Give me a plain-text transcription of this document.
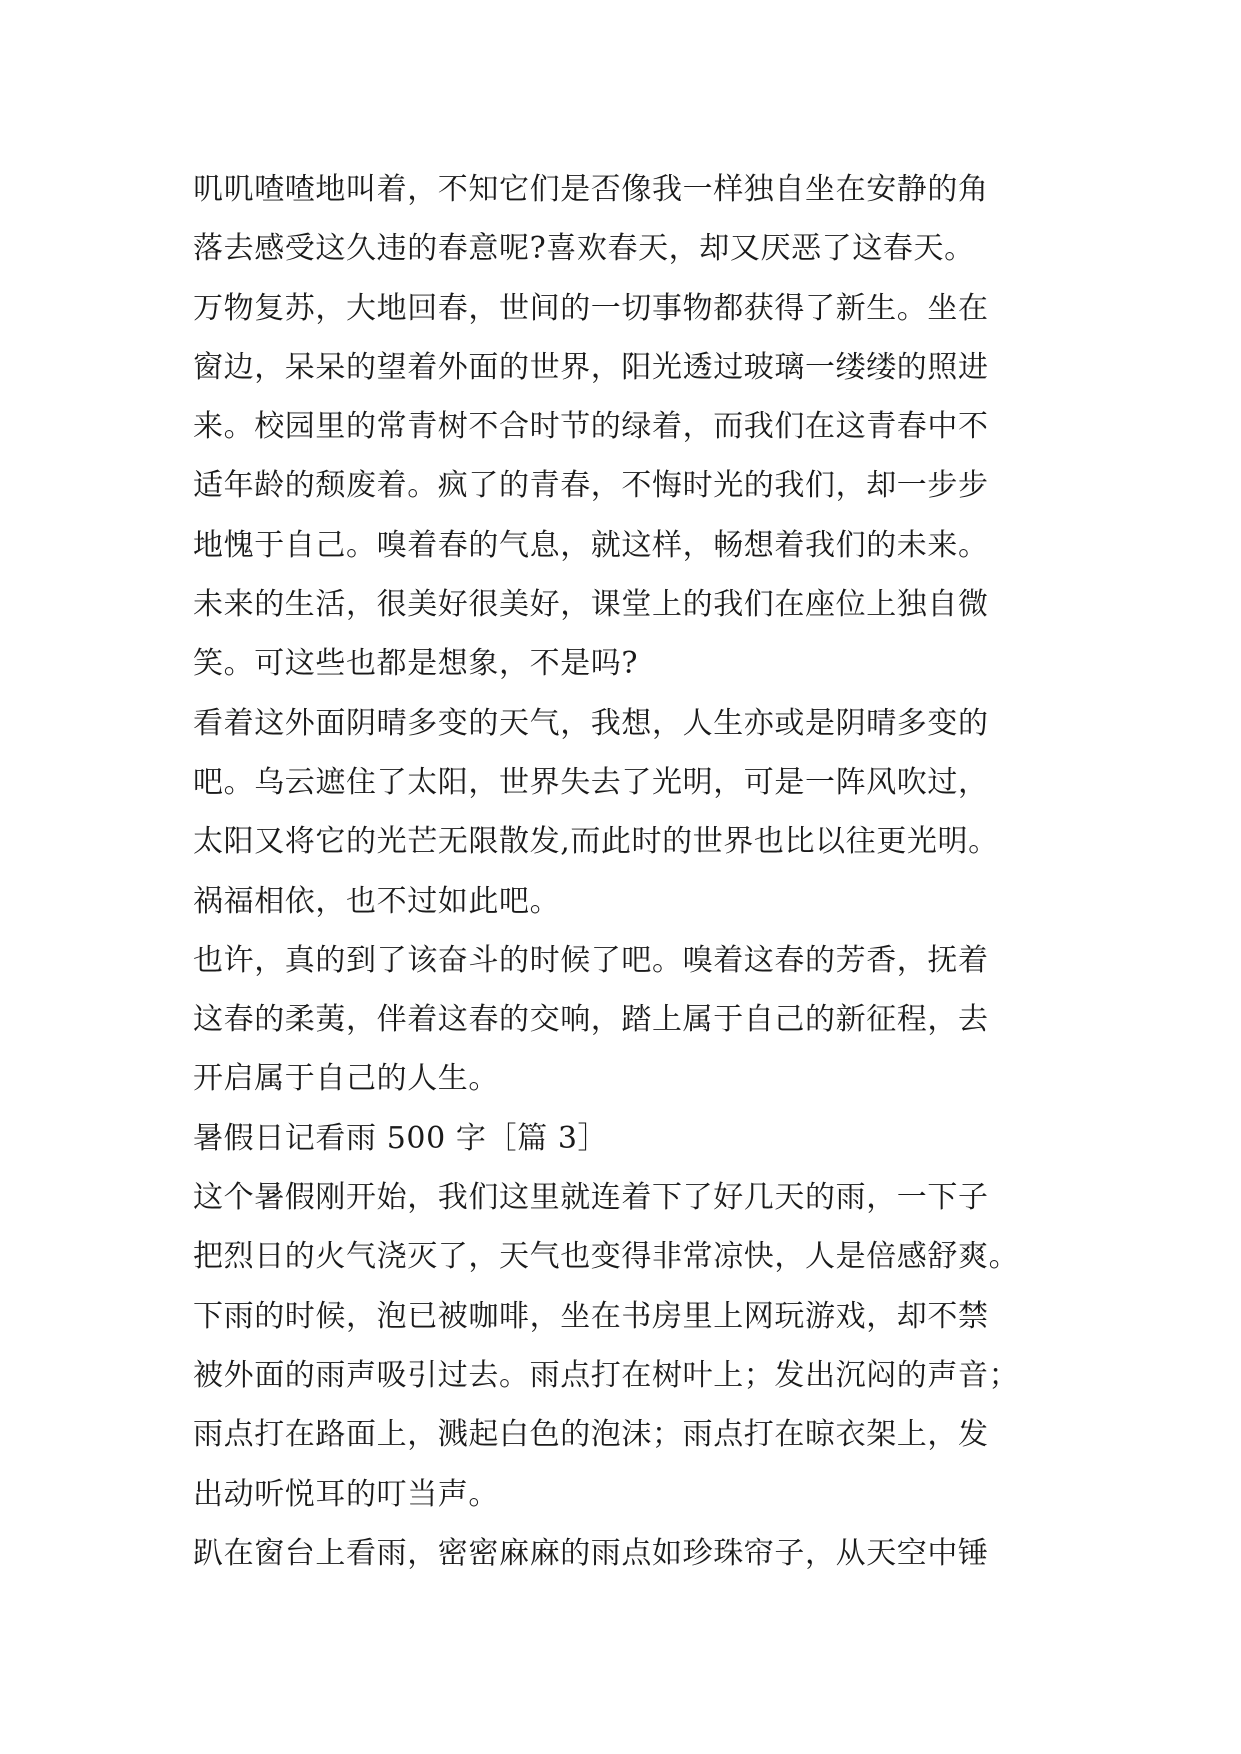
叽叽喳喳地叫着，不知它们是否像我一样独自坐在安静的角
落去感受这久违的春意呢?喜欢春天，却又厌恶了这春天。
万物复苏，大地回春，世间的一切事物都获得了新生。坐在
窗边，呆呆的望着外面的世界，阳光透过玻璃一缕缕的照进
来。校园里的常青树不合时节的绿着，而我们在这青春中不
适年龄的颓废着。疯了的青春，不悔时光的我们，却一步步
地愧于自己。嗅着春的气息，就这样，畅想着我们的未来。
未来的生活，很美好很美好，课堂上的我们在座位上独自微
笑。可这些也都是想象，不是吗?
看着这外面阴晴多变的天气，我想，人生亦或是阴晴多变的
吧。乌云遮住了太阳，世界失去了光明，可是一阵风吹过，
太阳又将它的光芒无限散发,而此时的世界也比以往更光明。
祸福相依，也不过如此吧。
也许，真的到了该奋斗的时候了吧。嗅着这春的芳香，抚着
这春的柔荑，伴着这春的交响，踏上属于自己的新征程，去
开启属于自己的人生。
暑假日记看雨 500 字［篇 3］
这个暑假刚开始，我们这里就连着下了好几天的雨，一下子
把烈日的火气浇灭了，天气也变得非常凉快，人是倍感舒爽。
下雨的时候，泡已被咖啡，坐在书房里上网玩游戏，却不禁
被外面的雨声吸引过去。雨点打在树叶上；发出沉闷的声音；
雨点打在路面上，溅起白色的泡沫；雨点打在晾衣架上，发
出动听悦耳的叮当声。
趴在窗台上看雨，密密麻麻的雨点如珍珠帘子，从天空中锤
